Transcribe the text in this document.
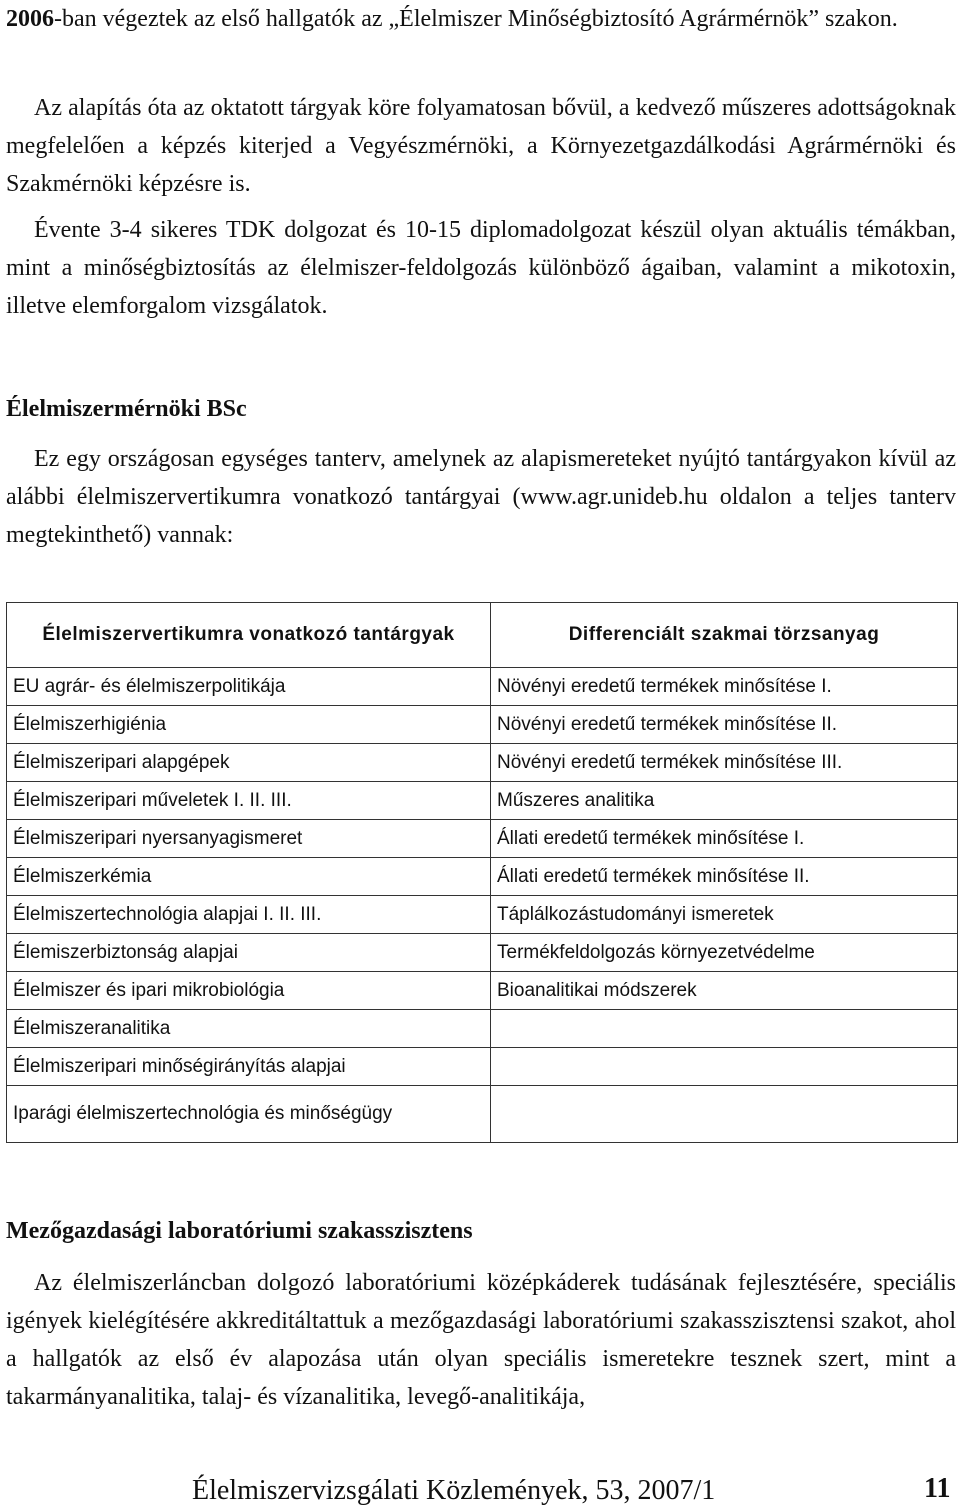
2006-ban végeztek az első hallgatók az „Élelmiszer Minőségbiztosító Agrármérnök” szakon.

Az alapítás óta az oktatott tárgyak köre folyamatosan bővül, a kedvező műszeres adottságoknak megfelelően a képzés kiterjed a Vegyészmérnöki, a Környezetgazdálkodási Agrármérnöki és Szakmérnöki képzésre is.

Évente 3-4 sikeres TDK dolgozat és 10-15 diplomadolgozat készül olyan aktuális témákban, mint a minőségbiztosítás az élelmiszer-feldolgozás különböző ágaiban, valamint a mikotoxin, illetve elemforgalom vizsgálatok.

Élelmiszermérnöki BSc

Ez egy országosan egységes tanterv, amelynek az alapismereteket nyújtó tantárgyakon kívül az alábbi élelmiszervertikumra vonatkozó tantárgyai (www.agr.unideb.hu oldalon a teljes tanterv megtekinthető) vannak:

Élelmiszervertikumra vonatkozó tantárgyak	Differenciált szakmai törzsanyag
EU agrár- és élelmiszerpolitikája	Növényi eredetű termékek minősítése I.
Élelmiszerhigiénia	Növényi eredetű termékek minősítése II.
Élelmiszeripari alapgépek	Növényi eredetű termékek minősítése III.
Élelmiszeripari műveletek I. II. III.	Műszeres analitika
Élelmiszeripari nyersanyagismeret	Állati eredetű termékek minősítése I.
Élelmiszerkémia	Állati eredetű termékek minősítése II.
Élelmiszertechnológia alapjai I. II. III.	Táplálkozástudományi ismeretek
Élemiszerbiztonság alapjai	Termékfeldolgozás környezetvédelme
Élelmiszer és ipari mikrobiológia	Bioanalitikai módszerek
Élelmiszeranalitika	
Élelmiszeripari minőségirányítás alapjai	
Iparági élelmiszertechnológia és minőségügy	
Mezőgazdasági laboratóriumi szakasszisztens

Az élelmiszerláncban dolgozó laboratóriumi középkáderek tudásának fejlesztésére, speciális igények kielégítésére akkreditáltattuk a mezőgazdasági laboratóriumi szakasszisztensi szakot, ahol a hallgatók az első év alapozása után olyan speciális ismeretekre tesznek szert, mint a takarmányanalitika, talaj- és vízanalitika, levegő-analitikája,

Élelmiszervizsgálati Közlemények, 53, 2007/1	11
